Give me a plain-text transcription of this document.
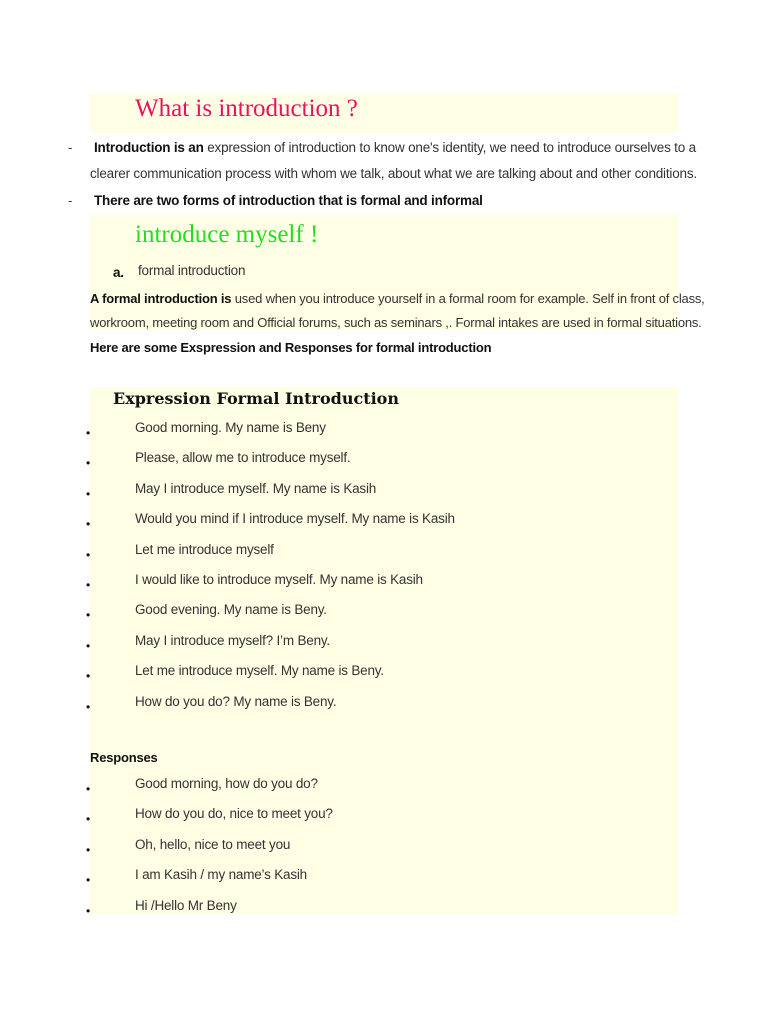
What is introduction ?
- Introduction is an expression of introduction to know one's identity, we need to introduce ourselves to a
clearer communication process with whom we talk, about what we are talking about and other conditions.
- There are two forms of introduction that is formal and informal
introduce myself !
a. formal introduction
A formal introduction is used when you introduce yourself in a formal room for example. Self in front of class,
workroom, meeting room and Official forums, such as seminars ,. Formal intakes are used in formal situations.
Here are some Exspression and Responses for formal introduction
Expression Formal Introduction
•	Good morning. My name is Beny
•	Please, allow me to introduce myself.
•	May I introduce myself. My name is Kasih
•	Would you mind if I introduce myself. My name is Kasih
•	Let me introduce myself
•	I would like to introduce myself. My name is Kasih
•	Good evening. My name is Beny.
•	May I introduce myself? I’m Beny.
•	Let me introduce myself. My name is Beny.
•	How do you do? My name is Beny.
Responses
•	Good morning, how do you do?
•	How do you do, nice to meet you?
•	Oh, hello, nice to meet you
•	I am Kasih / my name’s Kasih
•	Hi /Hello Mr Beny
